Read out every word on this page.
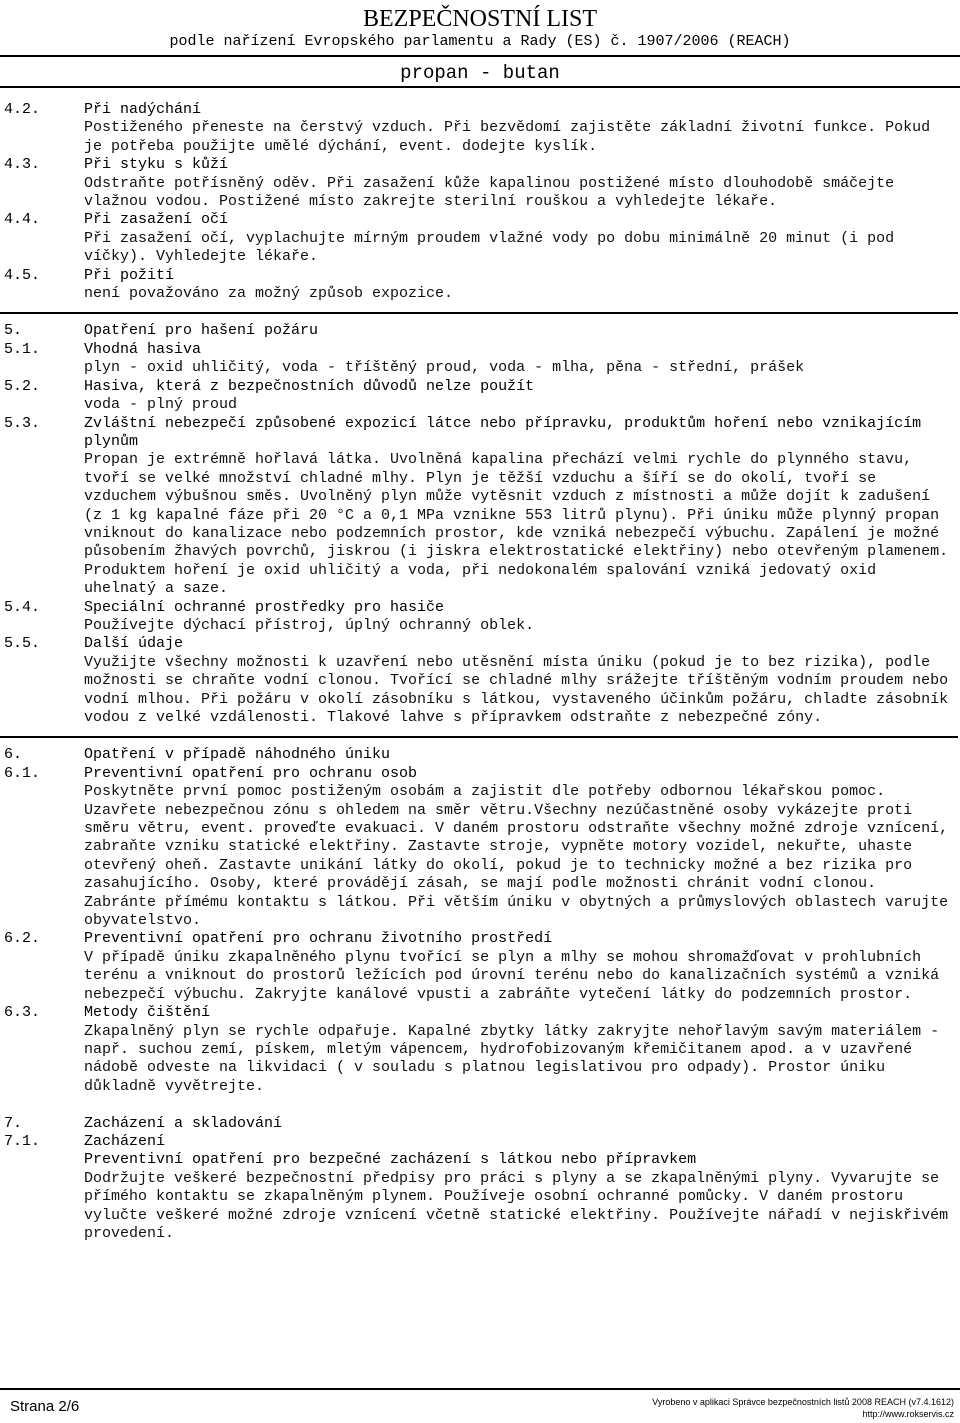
BEZPEČNOSTNÍ LIST
podle nařízení Evropského parlamentu a Rady (ES) č. 1907/2006 (REACH)
propan - butan
4.2.	Při nadýchání
Postiženého přeneste na čerstvý vzduch. Při bezvědomí zajistěte základní životní funkce. Pokud je potřeba použijte umělé dýchání, event. dodejte kyslík.
4.3.	Při styku s kůží
Odstraňte potřísněný oděv. Při zasažení kůže kapalinou postižené místo dlouhodobě smáčejte vlažnou vodou. Postižené místo zakrejte sterilní rouškou a vyhledejte lékaře.
4.4.	Při zasažení očí
Při zasažení očí, vyplachujte mírným proudem vlažné vody po dobu minimálně 20 minut (i pod víčky). Vyhledejte lékaře.
4.5.	Při požití
není považováno za možný způsob expozice.
5.	Opatření pro hašení požáru
5.1.	Vhodná hasiva
plyn - oxid uhličitý, voda - tříštěný proud, voda - mlha, pěna - střední, prášek
5.2.	Hasiva, která z bezpečnostních důvodů nelze použít
voda - plný proud
5.3.	Zvláštní nebezpečí způsobené expozicí látce nebo přípravku, produktům hoření nebo vznikajícím plynům
Propan je extrémně hořlavá látka. Uvolněná kapalina přechází velmi rychle do plynného stavu, tvoří se velké množství chladné mlhy. Plyn je těžší vzduchu a šíří se do okolí, tvoří se vzduchem výbušnou směs. Uvolněný plyn může vytěsnit vzduch z místnosti a může dojít k zadušení (z 1 kg kapalné fáze při 20 °C a 0,1 MPa vznikne 553 litrů plynu). Při úniku může plynný propan vniknout do kanalizace nebo podzemních prostor, kde vzniká nebezpečí výbuchu. Zapálení je možné působením žhavých povrchů, jiskrou (i jiskra elektrostatické elektřiny) nebo otevřeným plamenem. Produktem hoření je oxid uhličitý a voda, při nedokonalém spalování vzniká jedovatý oxid uhelnatý a saze.
5.4.	Speciální ochranné prostředky pro hasiče
Používejte dýchací přístroj, úplný ochranný oblek.
5.5.	Další údaje
Využijte všechny možnosti k uzavření nebo utěsnění místa úniku (pokud je to bez rizika), podle možnosti se chraňte vodní clonou. Tvořící se chladné mlhy srážejte tříštěným vodním proudem nebo vodní mlhou. Při požáru v okolí zásobníku s látkou, vystaveného účinkům požáru, chladte zásobník vodou z velké vzdálenosti. Tlakové lahve s přípravkem odstraňte z nebezpečné zóny.
6.	Opatření v případě náhodného úniku
6.1.	Preventivní opatření pro ochranu osob
Poskytněte první pomoc postiženým osobám a zajistit dle potřeby odbornou lékařskou pomoc. Uzavřete nebezpečnou zónu s ohledem na směr větru.Všechny nezúčastněné osoby vykázejte proti směru větru, event. proveďte evakuaci. V daném prostoru odstraňte všechny možné zdroje vznícení, zabraňte vzniku statické elektřiny. Zastavte stroje, vypněte motory vozidel, nekuřte, uhaste otevřený oheň. Zastavte unikání látky do okolí, pokud je to technicky možné a bez rizika pro zasahujícího. Osoby, které provádějí zásah, se mají podle možnosti chránit vodní clonou. Zabránte přímému kontaktu s látkou. Při větším úniku v obytných a průmyslových oblastech varujte obyvatelstvo.
6.2.	Preventivní opatření pro ochranu životního prostředí
V případě úniku zkapalněného plynu tvořící se plyn a mlhy se mohou shromažďovat v prohlubních terénu a vniknout do prostorů ležících pod úrovní terénu nebo do kanalizačních systémů a vzniká nebezpečí výbuchu. Zakryjte kanálové vpusti a zabráňte vytečení látky do podzemních prostor.
6.3.	Metody čištění
Zkapalněný plyn se rychle odpařuje. Kapalné zbytky látky zakryjte nehořlavým savým materiálem - např. suchou zemí, pískem, mletým vápencem, hydrofobizovaným křemičitanem apod. a v uzavřené nádobě odveste na likvidaci ( v souladu s platnou legislativou pro odpady). Prostor úniku důkladně vyvětrejte.
7.	Zacházení a skladování
7.1.	Zacházení
Preventivní opatření pro bezpečné zacházení s látkou nebo přípravkem
Dodržujte veškeré bezpečnostní předpisy pro práci s plyny a se zkapalněnými plyny. Vyvarujte se přímého kontaktu se zkapalněným plynem. Používeje osobní ochranné pomůcky. V daném prostoru vylučte veškeré možné zdroje vznícení včetně statické elektřiny. Používejte nářadí v nejiskřivém provedení.
Strana 2/6	Vyrobeno v aplikaci Správce bezpečnostních listů 2008 REACH (v7.4.1612)
http://www.rokservis.cz
